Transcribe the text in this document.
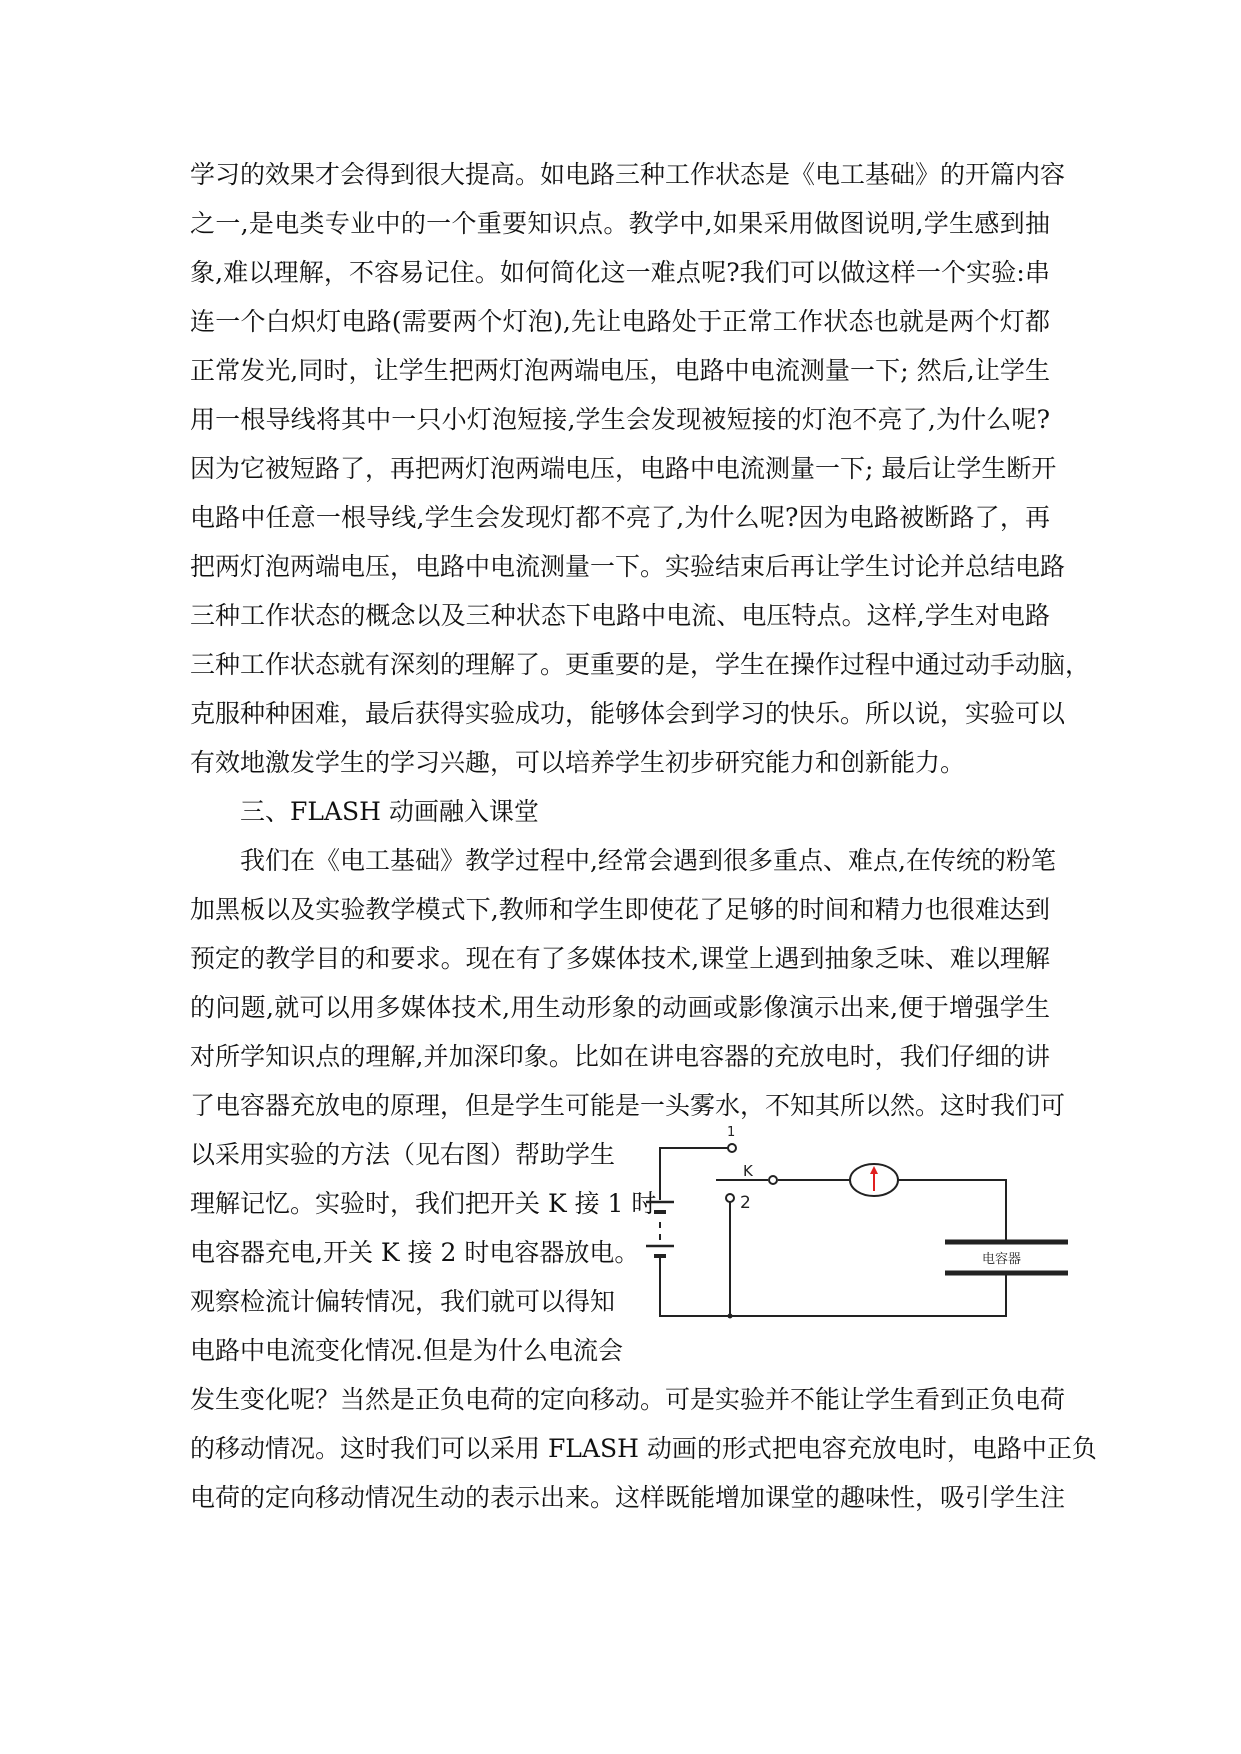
学习的效果才会得到很大提高。如电路三种工作状态是《电工基础》的开篇内容
之一,是电类专业中的一个重要知识点。教学中,如果采用做图说明,学生感到抽
象,难以理解，不容易记住。如何简化这一难点呢?我们可以做这样一个实验:串
连一个白炽灯电路(需要两个灯泡),先让电路处于正常工作状态也就是两个灯都
正常发光,同时，让学生把两灯泡两端电压，电路中电流测量一下; 然后,让学生
用一根导线将其中一只小灯泡短接,学生会发现被短接的灯泡不亮了,为什么呢?
因为它被短路了，再把两灯泡两端电压，电路中电流测量一下; 最后让学生断开
电路中任意一根导线,学生会发现灯都不亮了,为什么呢?因为电路被断路了，再
把两灯泡两端电压，电路中电流测量一下。实验结束后再让学生讨论并总结电路
三种工作状态的概念以及三种状态下电路中电流、电压特点。这样,学生对电路
三种工作状态就有深刻的理解了。更重要的是，学生在操作过程中通过动手动脑，
克服种种困难，最后获得实验成功，能够体会到学习的快乐。所以说，实验可以
有效地激发学生的学习兴趣，可以培养学生初步研究能力和创新能力。
三、FLASH 动画融入课堂
我们在《电工基础》教学过程中,经常会遇到很多重点、难点,在传统的粉笔
加黑板以及实验教学模式下,教师和学生即使花了足够的时间和精力也很难达到
预定的教学目的和要求。现在有了多媒体技术,课堂上遇到抽象乏味、难以理解
的问题,就可以用多媒体技术,用生动形象的动画或影像演示出来,便于增强学生
对所学知识点的理解,并加深印象。比如在讲电容器的充放电时，我们仔细的讲
了电容器充放电的原理，但是学生可能是一头雾水，不知其所以然。这时我们可
以采用实验的方法（见右图）帮助学生
理解记忆。实验时，我们把开关 K 接 1 时
电容器充电,开关 K 接 2 时电容器放电。
观察检流计偏转情况，我们就可以得知
电路中电流变化情况.但是为什么电流会
发生变化呢？当然是正负电荷的定向移动。可是实验并不能让学生看到正负电荷
的移动情况。这时我们可以采用 FLASH 动画的形式把电容充放电时，电路中正负
电荷的定向移动情况生动的表示出来。这样既能增加课堂的趣味性，吸引学生注
1
2
K
电容器
